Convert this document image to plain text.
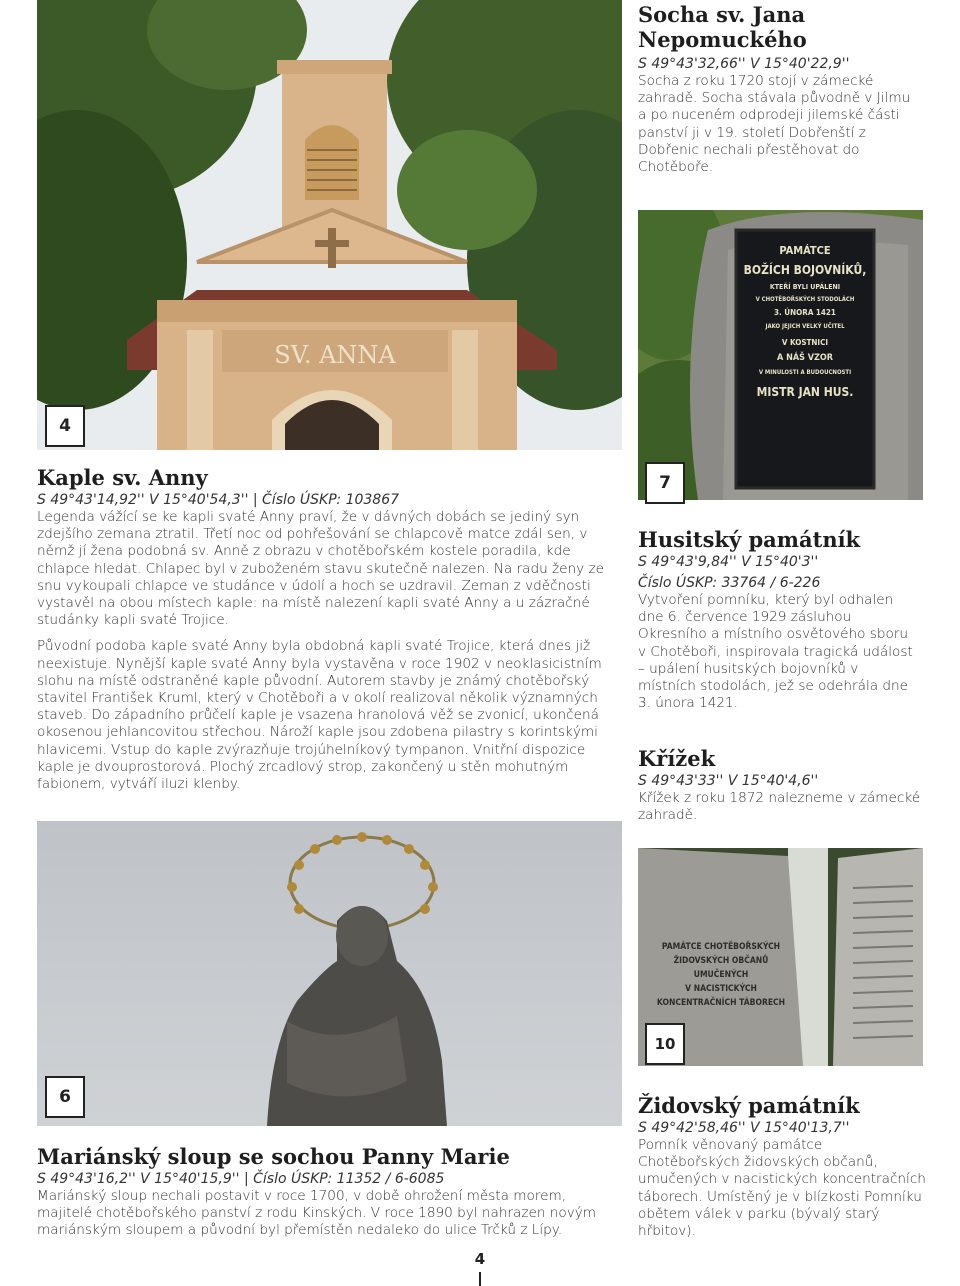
SV. ANNA
4
Socha sv. Jana Nepomuckého
S 49°43'32,66'' V 15°40'22,9''
Socha z roku 1720 stojí v zámecké zahradě. Socha stávala původně v Jilmu a po nuceném odprodeji jilemské části panství ji v 19. století Dobřenští z Dobřenic nechali přestěhovat do Chotěboře.
PAMÁTCE
BOŽÍCH BOJOVNÍKŮ,
KTEŘÍ BYLI UPÁLENI
V CHOTĚBOŘSKÝCH STODOLÁCH
3. ÚNORA 1421
JAKO JEJICH VELKÝ UČITEL
V KOSTNICI
A NÁŠ VZOR
V MINULOSTI A BUDOUCNOSTI
MISTR JAN HUS.
7
Kaple sv. Anny
S 49°43'14,92'' V 15°40'54,3'' | Číslo ÚSKP: 103867

Legenda vážící se ke kapli svaté Anny praví, že v dávných dobách se jediný syn zdejšího zemana ztratil. Třetí noc od pohřešování se chlapcově matce zdál sen, v němž jí žena podobná sv. Anně z obrazu v chotěbořském kostele poradila, kde chlapce hledat. Chlapec byl v zuboženém stavu skutečně nalezen. Na radu ženy ze snu vykoupali chlapce ve studánce v údolí a hoch se uzdravil. Zeman z vděčnosti vystavěl na obou místech kaple: na místě nalezení kapli svaté Anny a u zázračné studánky kapli svaté Trojice.

Původní podoba kaple svaté Anny byla obdobná kapli svaté Trojice, která dnes již neexistuje. Nynější kaple svaté Anny byla vystavěna v roce 1902 v neoklasicistním slohu na místě odstraněné kaple původní. Autorem stavby je známý chotěbořský stavitel František Kruml, který v Chotěboři a v okolí realizoval několik významných staveb. Do západního průčelí kaple je vsazena hranolová věž se zvonicí, ukončená okosenou jehlancovitou střechou. Nároží kaple jsou zdobena pilastry s korintskými hlavicemi. Vstup do kaple zvýrazňuje trojúhelníkový tympanon. Vnitřní dispozice kaple je dvouprostorová. Plochý zrcadlový strop, zakončený u stěn mohutným fabionem, vytváří iluzi klenby.

Husitský památník
S 49°43'9,84'' V 15°40'3''
Číslo ÚSKP: 33764 / 6-226
Vytvoření pomníku, který byl odhalen dne 6. července 1929 zásluhou Okresního a místního osvětového sboru v Chotěboři, inspirovala tragická událost – upálení husitských bojovníků v místních stodolách, jež se odehrála dne 3. února 1421.
Křížek
S 49°43'33'' V 15°40'4,6''
Křížek z roku 1872 nalezneme v zámecké zahradě.
6
PAMÁTCE CHOTĚBOŘSKÝCH
ŽIDOVSKÝCH OBČANŮ
UMUČENÝCH
V NACISTICKÝCH
KONCENTRAČNÍCH TÁBORECH
10
Židovský památník
S 49°42'58,46'' V 15°40'13,7''
Pomník věnovaný památce Chotěbořských židovských občanů, umučených v nacistických koncentračních táborech. Umístěný je v blízkosti Pomníku obětem válek v parku (bývalý starý hřbitov).
Mariánský sloup se sochou Panny Marie
S 49°43'16,2'' V 15°40'15,9'' | Číslo ÚSKP: 11352 / 6-6085
Mariánský sloup nechali postavit v roce 1700, v době ohrožení města morem, majitelé chotěbořského panství z rodu Kinských. V roce 1890 byl nahrazen novým mariánským sloupem a původní byl přemístěn nedaleko do ulice Trčků z Lípy.
4
